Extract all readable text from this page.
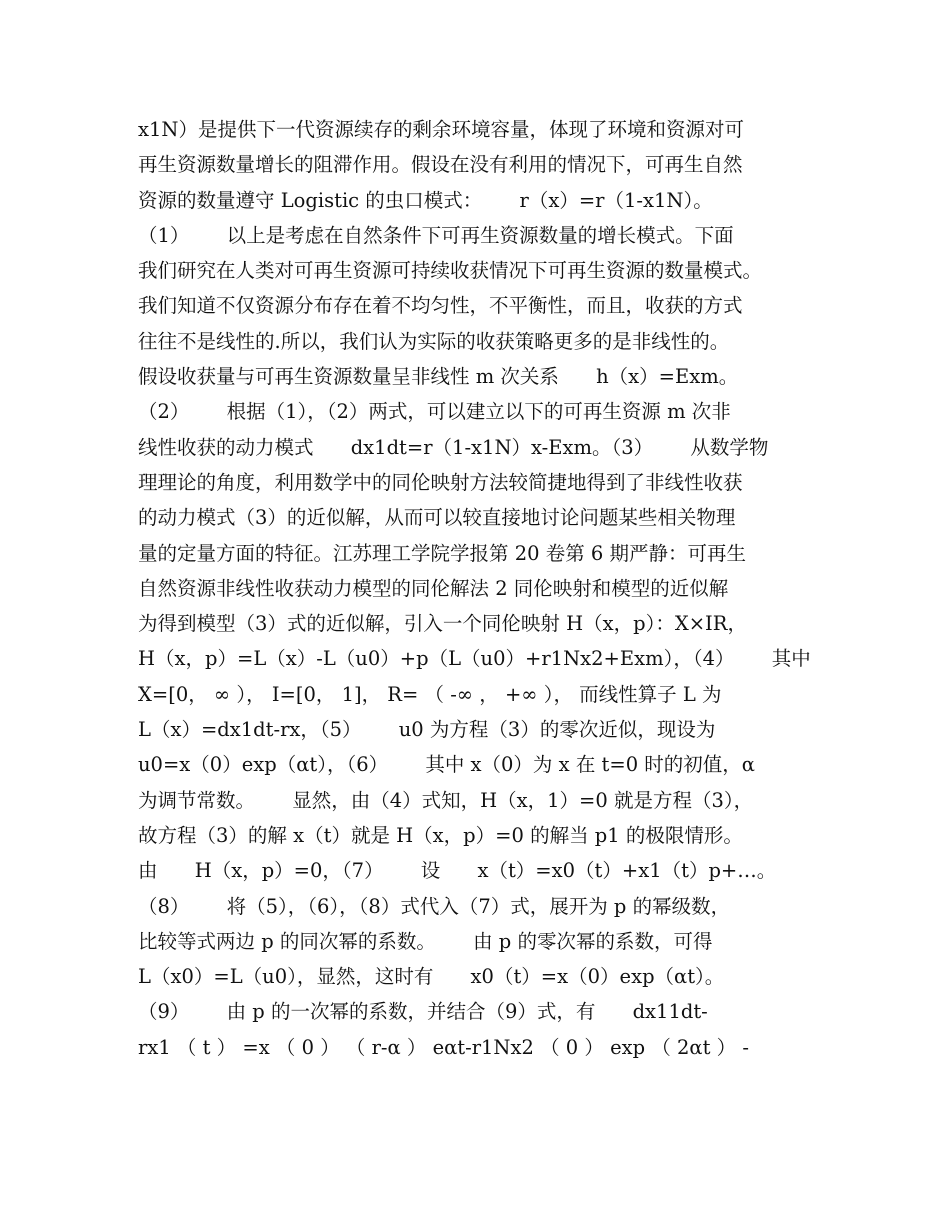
x1N）是提供下一代资源续存的剩余环境容量，体现了环境和资源对可
再生资源数量增长的阻滞作用。假设在没有利用的情况下，可再生自然
资源的数量遵守 Logistic 的虫口模式：      r（x）=r（1-x1N）。
（1）      以上是考虑在自然条件下可再生资源数量的增长模式。下面
我们研究在人类对可再生资源可持续收获情况下可再生资源的数量模式。
我们知道不仅资源分布存在着不均匀性，不平衡性，而且，收获的方式
往往不是线性的.所以，我们认为实际的收获策略更多的是非线性的。
假设收获量与可再生资源数量呈非线性 m 次关系      h（x）=Exm。
（2）      根据（1），（2）两式，可以建立以下的可再生资源 m 次非
线性收获的动力模式      dx1dt=r（1-x1N）x-Exm。（3）      从数学物
理理论的角度，利用数学中的同伦映射方法较简捷地得到了非线性收获
的动力模式（3）的近似解，从而可以较直接地讨论问题某些相关物理
量的定量方面的特征。江苏理工学院学报第 20 卷第 6 期严静：可再生
自然资源非线性收获动力模型的同伦解法 2 同伦映射和模型的近似解
为得到模型（3）式的近似解，引入一个同伦映射 H（x，p）：X×IR，
H（x，p）=L（x）-L（u0）+p（L（u0）+r1Nx2+Exm），（4）      其中
X=[0， ∞ ）， I=[0， 1]， R= （ -∞ ， +∞ ）， 而线性算子 L 为
L（x）=dx1dt-rx，（5）      u0 为方程（3）的零次近似，现设为
u0=x（0）exp（αt），（6）      其中 x（0）为 x 在 t=0 时的初值，α
为调节常数。      显然，由（4）式知，H（x，1）=0 就是方程（3），
故方程（3）的解 x（t）就是 H（x，p）=0 的解当 p1 的极限情形。
由      H（x，p）=0，（7）      设      x（t）=x0（t）+x1（t）p+…。
（8）      将（5），（6），（8）式代入（7）式，展开为 p 的幂级数，
比较等式两边 p 的同次幂的系数。      由 p 的零次幂的系数，可得
L（x0）=L（u0），显然，这时有      x0（t）=x（0）exp（αt）。
（9）      由 p 的一次幂的系数，并结合（9）式，有      dx11dt-
rx1 （ t ） =x （ 0 ） （ r-α ） eαt-r1Nx2 （ 0 ） exp （ 2αt ） -
